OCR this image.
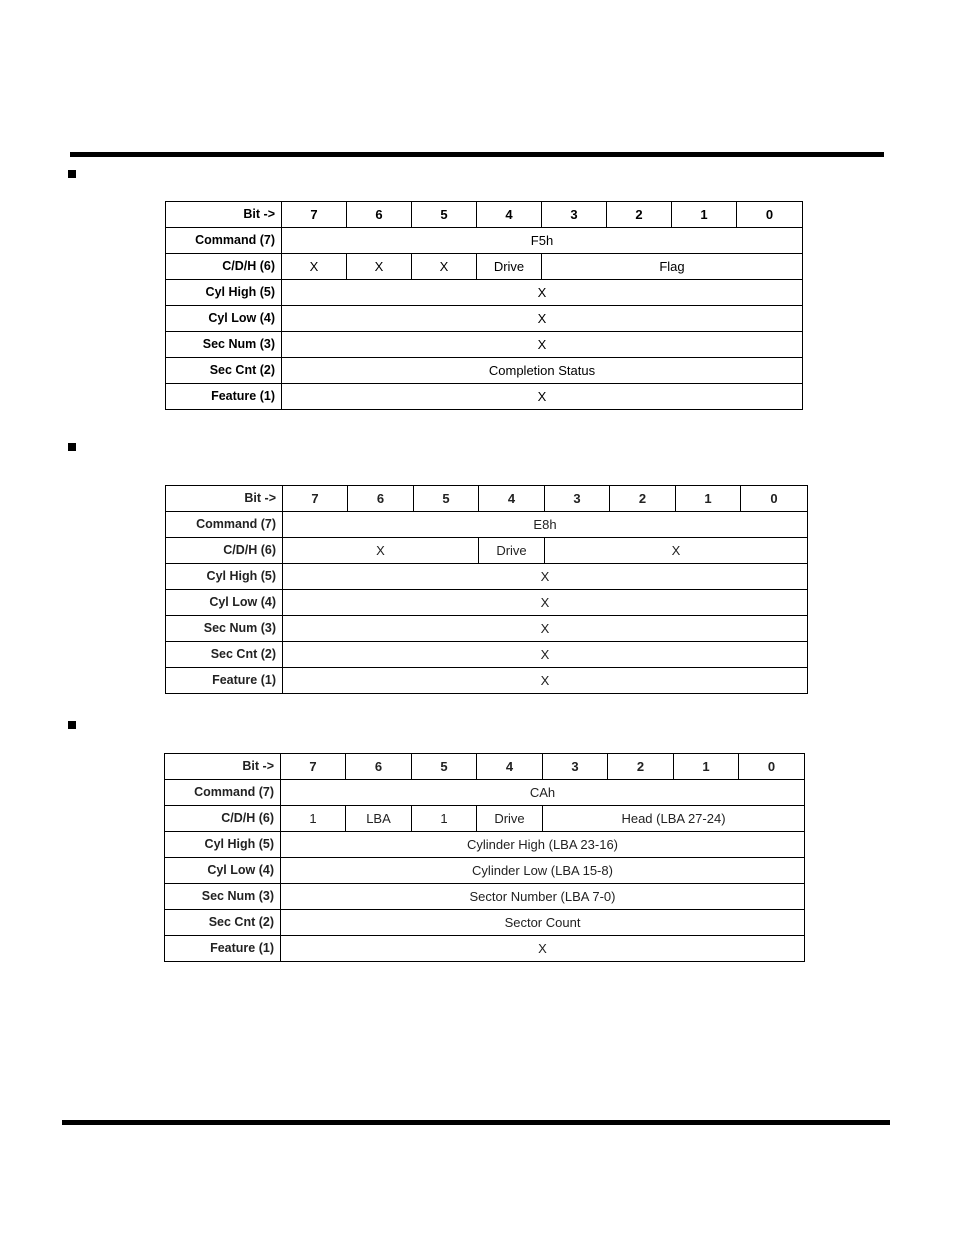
Bit ->	7	6	5	4	3	2	1	0
Command (7)	F5h							
C/D/H (6)	X	X	X	Drive	Flag			
Cyl High (5)	X							
Cyl Low (4)	X							
Sec Num (3)	X							
Sec Cnt (2)	Completion Status							
Feature (1)	X							
Bit ->	7	6	5	4	3	2	1	0
Command (7)	E8h							
C/D/H (6)	X			Drive	X			
Cyl High (5)	X							
Cyl Low (4)	X							
Sec Num (3)	X							
Sec Cnt (2)	X							
Feature (1)	X							
Bit ->	7	6	5	4	3	2	1	0
Command (7)	CAh							
C/D/H (6)	1	LBA	1	Drive	Head (LBA 27-24)			
Cyl High (5)	Cylinder High (LBA 23-16)							
Cyl Low (4)	Cylinder Low (LBA 15-8)							
Sec Num (3)	Sector Number (LBA 7-0)							
Sec Cnt (2)	Sector Count							
Feature (1)	X							
